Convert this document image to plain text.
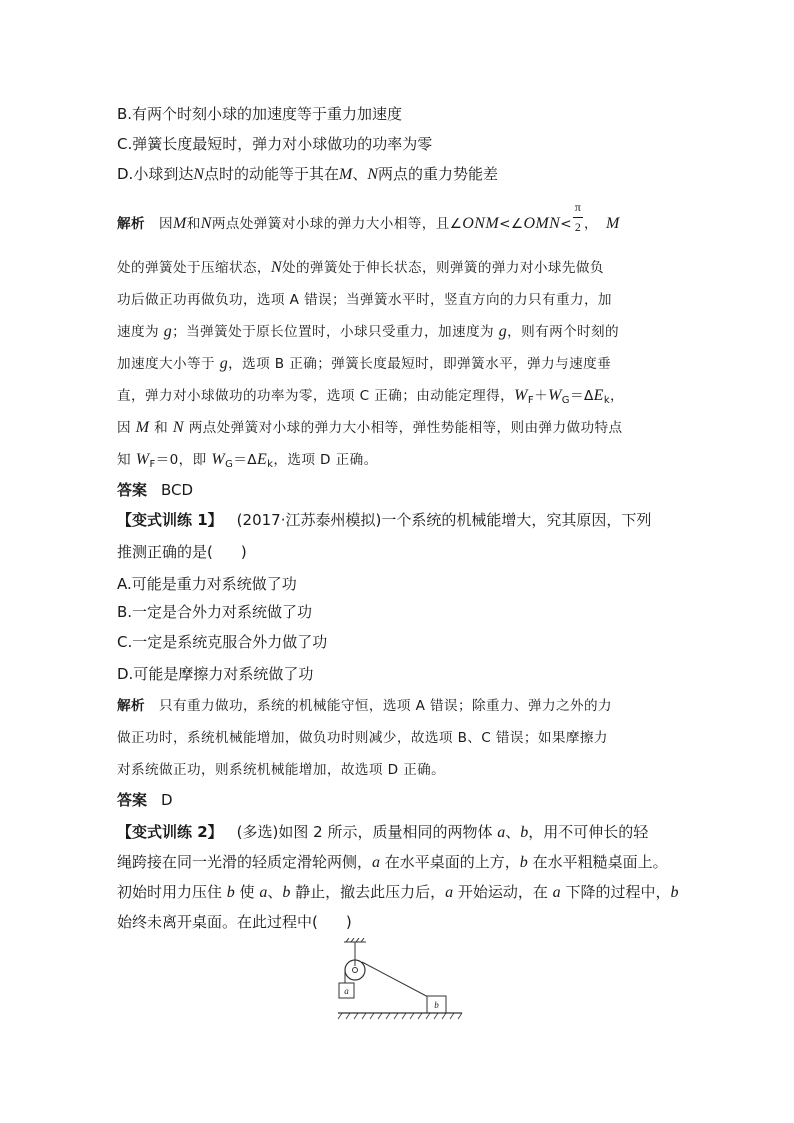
B.有两个时刻小球的加速度等于重力加速度
C.弹簧长度最短时，弹力对小球做功的功率为零
D.小球到达N点时的动能等于其在M、N两点的重力势能差
解析 因M和N两点处弹簧对小球的弹力大小相等，且∠ONM<∠OMN< $\frac{\pi}{2}$ ， M
处的弹簧处于压缩状态，N处的弹簧处于伸长状态，则弹簧的弹力对小球先做负
功后做正功再做负功，选项 A 错误；当弹簧水平时，竖直方向的力只有重力，加
速度为 g；当弹簧处于原长位置时，小球只受重力，加速度为 g，则有两个时刻的
加速度大小等于 g，选项 B 正确；弹簧长度最短时，即弹簧水平，弹力与速度垂
直，弹力对小球做功的功率为零，选项 C 正确；由动能定理得，$W_F+W_G=\Delta E_k$，
因 M 和 N 两点处弹簧对小球的弹力大小相等，弹性势能相等，则由弹力做功特点
知 $W_F=0$，即 $W_G=\Delta E_k$，选项 D 正确。
答案 BCD
【变式训练 1】 (2017·江苏泰州模拟)一个系统的机械能增大，究其原因，下列
推测正确的是( )
A.可能是重力对系统做了功
B.一定是合外力对系统做了功
C.一定是系统克服合外力做了功
D.可能是摩擦力对系统做了功
解析 只有重力做功，系统的机械能守恒，选项 A 错误；除重力、弹力之外的力
做正功时，系统机械能增加，做负功时则减少，故选项 B、C 错误；如果摩擦力
对系统做正功，则系统机械能增加，故选项 D 正确。
答案 D
【变式训练 2】 (多选)如图 2 所示，质量相同的两物体 a、b，用不可伸长的轻
绳跨接在同一光滑的轻质定滑轮两侧，a 在水平桌面的上方，b 在水平粗糙桌面上。
初始时用力压住 b 使 a、b 静止，撤去此压力后，a 开始运动，在 a 下降的过程中，b
始终未离开桌面。在此过程中( )
a
b
